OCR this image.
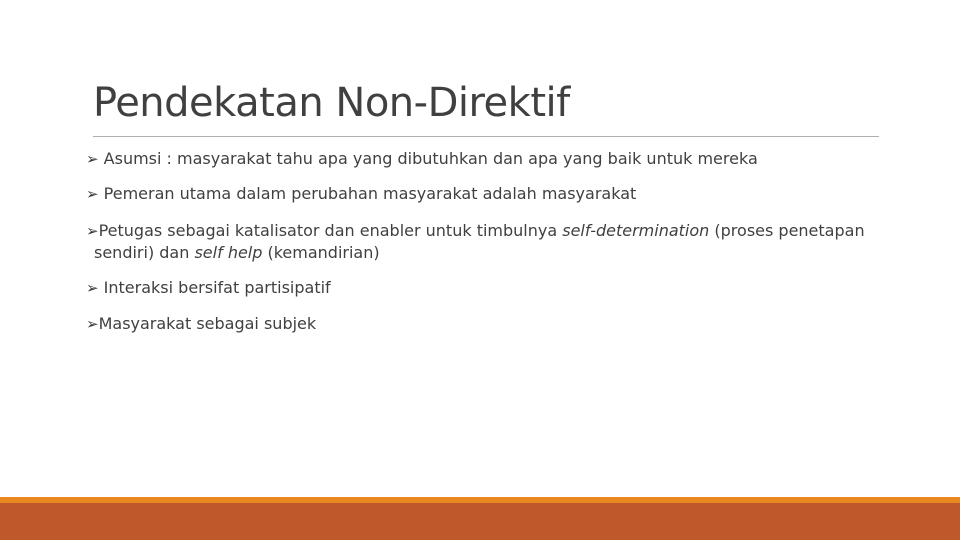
Pendekatan Non-Direktif
➢ Asumsi : masyarakat tahu apa yang dibutuhkan dan apa yang baik untuk mereka
➢ Pemeran utama dalam perubahan masyarakat adalah masyarakat
➢Petugas sebagai katalisator dan enabler untuk timbulnya self-determination (proses penetapan
sendiri) dan self help (kemandirian)
➢ Interaksi bersifat partisipatif
➢Masyarakat sebagai subjek
